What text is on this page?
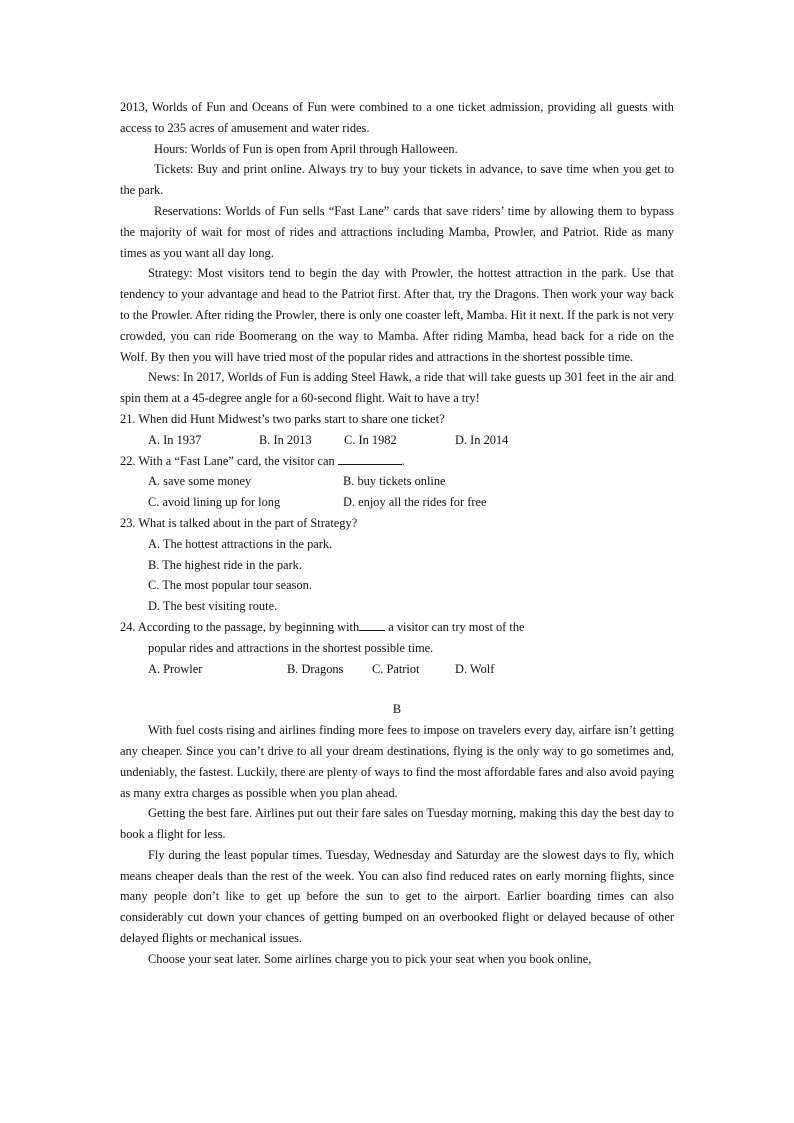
2013, Worlds of Fun and Oceans of Fun were combined to a one ticket admission, providing all guests with access to 235 acres of amusement and water rides.

Hours: Worlds of Fun is open from April through Halloween.

Tickets: Buy and print online. Always try to buy your tickets in advance, to save time when you get to the park.

Reservations: Worlds of Fun sells “Fast Lane” cards that save riders’ time by allowing them to bypass the majority of wait for most of rides and attractions including Mamba, Prowler, and Patriot. Ride as many times as you want all day long.

Strategy: Most visitors tend to begin the day with Prowler, the hottest attraction in the park. Use that tendency to your advantage and head to the Patriot first. After that, try the Dragons. Then work your way back to the Prowler. After riding the Prowler, there is only one coaster left, Mamba. Hit it next. If the park is not very crowded, you can ride Boomerang on the way to Mamba. After riding Mamba, head back for a ride on the Wolf. By then you will have tried most of the popular rides and attractions in the shortest possible time.

News: In 2017, Worlds of Fun is adding Steel Hawk, a ride that will take guests up 301 feet in the air and spin them at a 45-degree angle for a 60-second flight. Wait to have a try!

21. When did Hunt Midwest’s two parks start to share one ticket?

A. In 1937	B. In 2013	C. In 1982	D. In 2014

22. With a “Fast Lane” card, the visitor can	.

A. save some money	B. buy tickets online
C. avoid lining up for long	D. enjoy all the rides for free

23. What is talked about in the part of Strategy?

A. The hottest attractions in the park.

B. The highest ride in the park.

C. The most popular tour season.

D. The best visiting route.

24. According to the passage, by beginning with a visitor can try most of the

popular rides and attractions in the shortest possible time.

A. Prowler	B. Dragons	C. Patriot	D. Wolf

B

With fuel costs rising and airlines finding more fees to impose on travelers every day, airfare isn’t getting any cheaper. Since you can’t drive to all your dream destinations, flying is the only way to go sometimes and, undeniably, the fastest. Luckily, there are plenty of ways to find the most affordable fares and also avoid paying as many extra charges as possible when you plan ahead.

Getting the best fare. Airlines put out their fare sales on Tuesday morning, making this day the best day to book a flight for less.

Fly during the least popular times. Tuesday, Wednesday and Saturday are the slowest days to fly, which means cheaper deals than the rest of the week. You can also find reduced rates on early morning flights, since many people don’t like to get up before the sun to get to the airport. Earlier boarding times can also considerably cut down your chances of getting bumped on an overbooked flight or delayed because of other delayed flights or mechanical issues.

Choose your seat later. Some airlines charge you to pick your seat when you book online,
